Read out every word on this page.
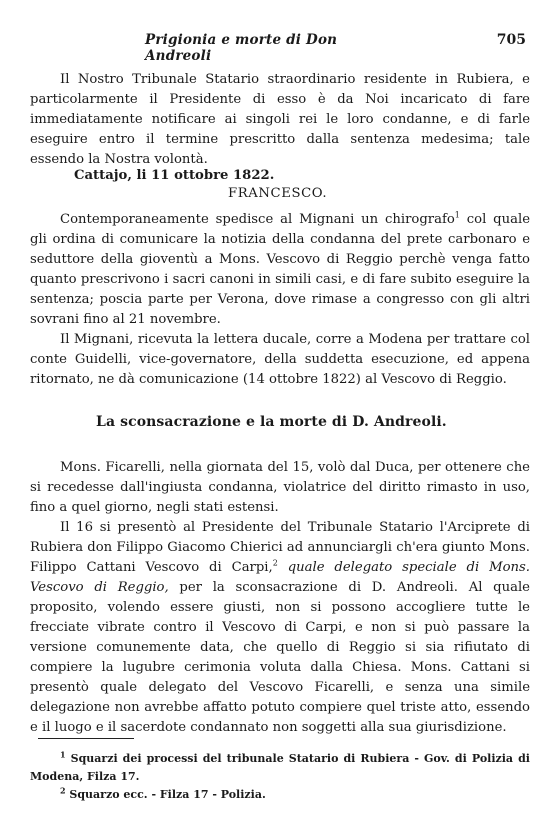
Prigionia e morte di Don Andreoli
705

Il Nostro Tribunale Statario straordinario residente in Rubiera, e particolarmente il Presidente di esso è da Noi incaricato di fare immediatamente notificare ai singoli rei le loro condanne, e di farle eseguire entro il termine prescritto dalla sentenza medesima; tale essendo la Nostra volontà.

Cattajo, li 11 ottobre 1822.
FRANCESCO.

Contemporaneamente spedisce al Mignani un chirografo$^1$ col quale gli ordina di comunicare la notizia della condanna del prete carbonaro e seduttore della gioventù a Mons. Vescovo di Reggio perchè venga fatto quanto prescrivono i sacri canoni in simili casi, e di fare subito eseguire la sentenza; poscia parte per Verona, dove rimase a congresso con gli altri sovrani fino al 21 novembre.

Il Mignani, ricevuta la lettera ducale, corre a Modena per trattare col conte Guidelli, vice-governatore, della suddetta esecuzione, ed appena ritornato, ne dà comunicazione (14 ottobre 1822) al Vescovo di Reggio.

La sconsacrazione e la morte di D. Andreoli.

Mons. Ficarelli, nella giornata del 15, volò dal Duca, per ottenere che si recedesse dall'ingiusta condanna, violatrice del diritto rimasto in uso, fino a quel giorno, negli stati estensi.

Il 16 si presentò al Presidente del Tribunale Statario l'Arciprete di Rubiera don Filippo Giacomo Chierici ad annunciargli ch'era giunto Mons. Filippo Cattani Vescovo di Carpi,$^2$ quale delegato speciale di Mons. Vescovo di Reggio, per la sconsacrazione di D. Andreoli. Al quale proposito, volendo essere giusti, non si possono accogliere tutte le frecciate vibrate contro il Vescovo di Carpi, e non si può passare la versione comunemente data, che quello di Reggio si sia rifiutato di compiere la lugubre cerimonia voluta dalla Chiesa. Mons. Cattani si presentò quale delegato del Vescovo Ficarelli, e senza una simile delegazione non avrebbe affatto potuto compiere quel triste atto, essendo e il luogo e il sacerdote condannato non soggetti alla sua giurisdizione.

$^1$ Squarzi dei processi del tribunale Statario di Rubiera - Gov. di Polizia di Modena, Filza 17.

$^2$ Squarzo ecc. - Filza 17 - Polizia.
